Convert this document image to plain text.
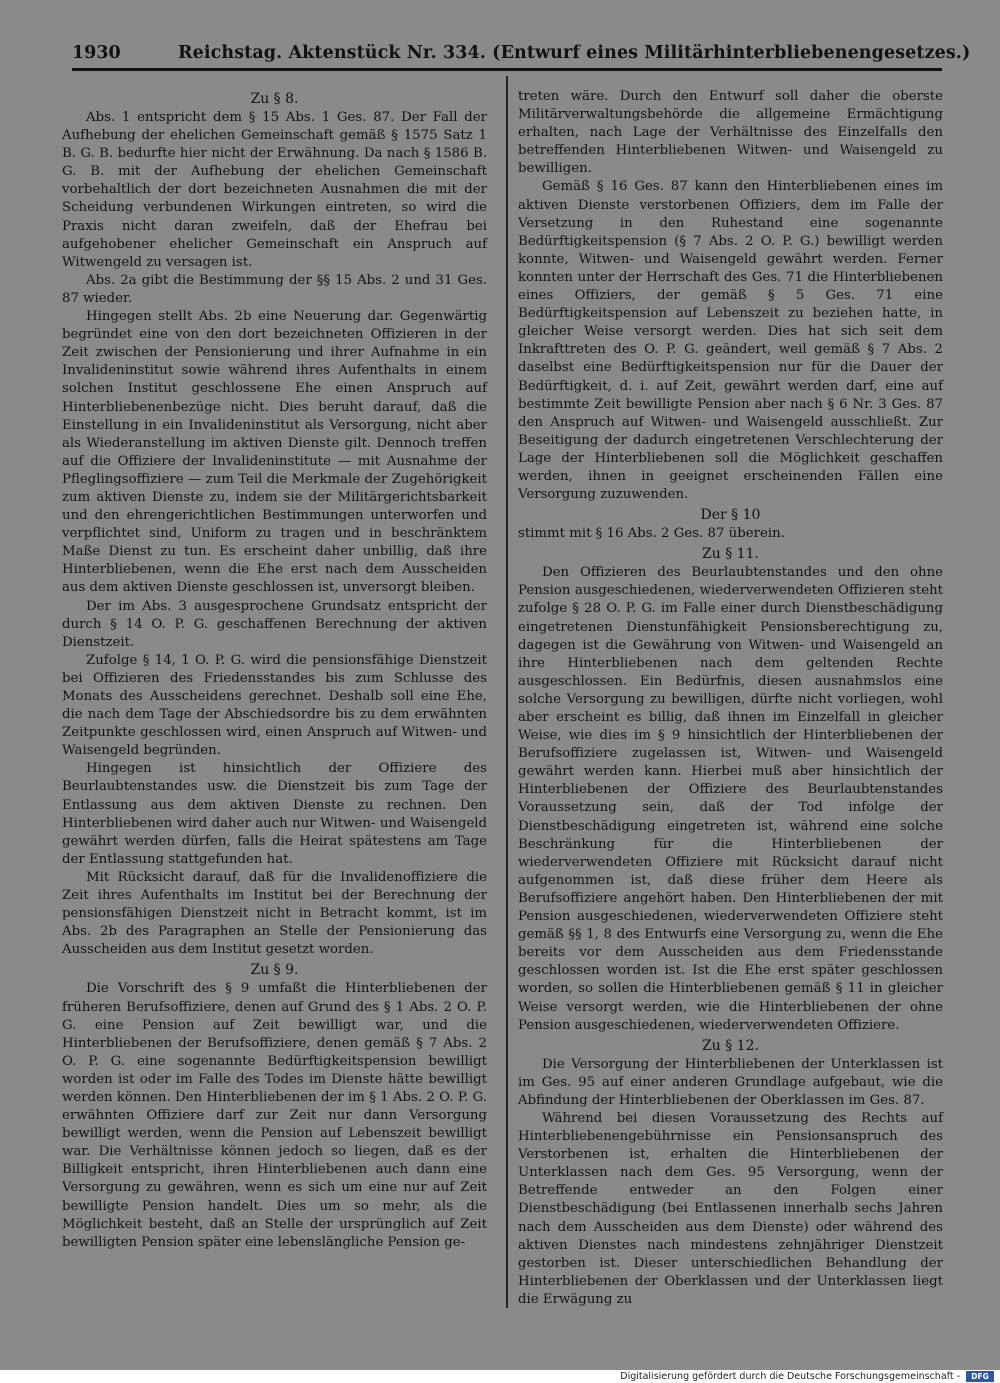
1930	Reichstag. Aktenstück Nr. 334. (Entwurf eines Militärhinterbliebenengesetzes.)
Zu § 8.

Abs. 1 entspricht dem § 15 Abs. 1 Ges. 87. Der Fall der Aufhebung der ehelichen Gemeinschaft gemäß § 1575 Satz 1 B. G. B. bedurfte hier nicht der Erwähnung. Da nach § 1586 B. G. B. mit der Aufhebung der ehelichen Gemeinschaft vorbehaltlich der dort bezeichneten Ausnahmen die mit der Scheidung verbundenen Wirkungen eintreten, so wird die Praxis nicht daran zweifeln, daß der Ehefrau bei aufgehobener ehelicher Gemeinschaft ein Anspruch auf Witwengeld zu versagen ist.

Abs. 2a gibt die Bestimmung der §§ 15 Abs. 2 und 31 Ges. 87 wieder.

Hingegen stellt Abs. 2b eine Neuerung dar. Gegenwärtig begründet eine von den dort bezeichneten Offizieren in der Zeit zwischen der Pensionierung und ihrer Aufnahme in ein Invalideninstitut sowie während ihres Aufenthalts in einem solchen Institut geschlossene Ehe einen Anspruch auf Hinterbliebenenbezüge nicht. Dies beruht darauf, daß die Einstellung in ein Invalideninstitut als Versorgung, nicht aber als Wiederanstellung im aktiven Dienste gilt. Dennoch treffen auf die Offiziere der Invalideninstitute — mit Ausnahme der Pfleglingsoffiziere — zum Teil die Merkmale der Zugehörigkeit zum aktiven Dienste zu, indem sie der Militärgerichtsbarkeit und den ehrengerichtlichen Bestimmungen unterworfen und verpflichtet sind, Uniform zu tragen und in beschränktem Maße Dienst zu tun. Es erscheint daher unbillig, daß ihre Hinterbliebenen, wenn die Ehe erst nach dem Ausscheiden aus dem aktiven Dienste geschlossen ist, unversorgt bleiben.

Der im Abs. 3 ausgesprochene Grundsatz entspricht der durch § 14 O. P. G. geschaffenen Berechnung der aktiven Dienstzeit.

Zufolge § 14, 1 O. P. G. wird die pensionsfähige Dienstzeit bei Offizieren des Friedensstandes bis zum Schlusse des Monats des Ausscheidens gerechnet. Deshalb soll eine Ehe, die nach dem Tage der Abschiedsordre bis zu dem erwähnten Zeitpunkte geschlossen wird, einen Anspruch auf Witwen- und Waisengeld begründen.

Hingegen ist hinsichtlich der Offiziere des Beurlaubtenstandes usw. die Dienstzeit bis zum Tage der Entlassung aus dem aktiven Dienste zu rechnen. Den Hinterbliebenen wird daher auch nur Witwen- und Waisengeld gewährt werden dürfen, falls die Heirat spätestens am Tage der Entlassung stattgefunden hat.

Mit Rücksicht darauf, daß für die Invalidenoffiziere die Zeit ihres Aufenthalts im Institut bei der Berechnung der pensionsfähigen Dienstzeit nicht in Betracht kommt, ist im Abs. 2b des Paragraphen an Stelle der Pensionierung das Ausscheiden aus dem Institut gesetzt worden.

Zu § 9.

Die Vorschrift des § 9 umfaßt die Hinterbliebenen der früheren Berufsoffiziere, denen auf Grund des § 1 Abs. 2 O. P. G. eine Pension auf Zeit bewilligt war, und die Hinterbliebenen der Berufsoffiziere, denen gemäß § 7 Abs. 2 O. P. G. eine sogenannte Bedürftigkeitspension bewilligt worden ist oder im Falle des Todes im Dienste hätte bewilligt werden können. Den Hinterbliebenen der im § 1 Abs. 2 O. P. G. erwähnten Offiziere darf zur Zeit nur dann Versorgung bewilligt werden, wenn die Pension auf Lebenszeit bewilligt war. Die Verhältnisse können jedoch so liegen, daß es der Billigkeit entspricht, ihren Hinterbliebenen auch dann eine Versorgung zu gewähren, wenn es sich um eine nur auf Zeit bewilligte Pension handelt. Dies um so mehr, als die Möglichkeit besteht, daß an Stelle der ursprünglich auf Zeit bewilligten Pension später eine lebenslängliche Pension ge-

treten wäre. Durch den Entwurf soll daher die oberste Militärverwaltungsbehörde die allgemeine Ermächtigung erhalten, nach Lage der Verhältnisse des Einzelfalls den betreffenden Hinterbliebenen Witwen- und Waisengeld zu bewilligen.

Gemäß § 16 Ges. 87 kann den Hinterbliebenen eines im aktiven Dienste verstorbenen Offiziers, dem im Falle der Versetzung in den Ruhestand eine sogenannte Bedürftigkeitspension (§ 7 Abs. 2 O. P. G.) bewilligt werden konnte, Witwen- und Waisengeld gewährt werden. Ferner konnten unter der Herrschaft des Ges. 71 die Hinterbliebenen eines Offiziers, der gemäß § 5 Ges. 71 eine Bedürftigkeitspension auf Lebenszeit zu beziehen hatte, in gleicher Weise versorgt werden. Dies hat sich seit dem Inkrafttreten des O. P. G. geändert, weil gemäß § 7 Abs. 2 daselbst eine Bedürftigkeitspension nur für die Dauer der Bedürftigkeit, d. i. auf Zeit, gewährt werden darf, eine auf bestimmte Zeit bewilligte Pension aber nach § 6 Nr. 3 Ges. 87 den Anspruch auf Witwen- und Waisengeld ausschließt. Zur Beseitigung der dadurch eingetretenen Verschlechterung der Lage der Hinterbliebenen soll die Möglichkeit geschaffen werden, ihnen in geeignet erscheinenden Fällen eine Versorgung zuzuwenden.

Der § 10

stimmt mit § 16 Abs. 2 Ges. 87 überein.

Zu § 11.

Den Offizieren des Beurlaubtenstandes und den ohne Pension ausgeschiedenen, wiederverwendeten Offizieren steht zufolge § 28 O. P. G. im Falle einer durch Dienstbeschädigung eingetretenen Dienstunfähigkeit Pensionsberechtigung zu, dagegen ist die Gewährung von Witwen- und Waisengeld an ihre Hinterbliebenen nach dem geltenden Rechte ausgeschlossen. Ein Bedürfnis, diesen ausnahmslos eine solche Versorgung zu bewilligen, dürfte nicht vorliegen, wohl aber erscheint es billig, daß ihnen im Einzelfall in gleicher Weise, wie dies im § 9 hinsichtlich der Hinterbliebenen der Berufsoffiziere zugelassen ist, Witwen- und Waisengeld gewährt werden kann. Hierbei muß aber hinsichtlich der Hinterbliebenen der Offiziere des Beurlaubtenstandes Voraussetzung sein, daß der Tod infolge der Dienstbeschädigung eingetreten ist, während eine solche Beschränkung für die Hinterbliebenen der wiederverwendeten Offiziere mit Rücksicht darauf nicht aufgenommen ist, daß diese früher dem Heere als Berufsoffiziere angehört haben. Den Hinterbliebenen der mit Pension ausgeschiedenen, wiederverwendeten Offiziere steht gemäß §§ 1, 8 des Entwurfs eine Versorgung zu, wenn die Ehe bereits vor dem Ausscheiden aus dem Friedensstande geschlossen worden ist. Ist die Ehe erst später geschlossen worden, so sollen die Hinterbliebenen gemäß § 11 in gleicher Weise versorgt werden, wie die Hinterbliebenen der ohne Pension ausgeschiedenen, wiederverwendeten Offiziere.

Zu § 12.

Die Versorgung der Hinterbliebenen der Unterklassen ist im Ges. 95 auf einer anderen Grundlage aufgebaut, wie die Abfindung der Hinterbliebenen der Oberklassen im Ges. 87.

Während bei diesen Voraussetzung des Rechts auf Hinterbliebenengebührnisse ein Pensionsanspruch des Verstorbenen ist, erhalten die Hinterbliebenen der Unterklassen nach dem Ges. 95 Versorgung, wenn der Betreffende entweder an den Folgen einer Dienstbeschädigung (bei Entlassenen innerhalb sechs Jahren nach dem Ausscheiden aus dem Dienste) oder während des aktiven Dienstes nach mindestens zehnjähriger Dienstzeit gestorben ist. Dieser unterschiedlichen Behandlung der Hinterbliebenen der Oberklassen und der Unterklassen liegt die Erwägung zu

Digitalisierung gefördert durch die Deutsche Forschungsgemeinschaft -	DFG
